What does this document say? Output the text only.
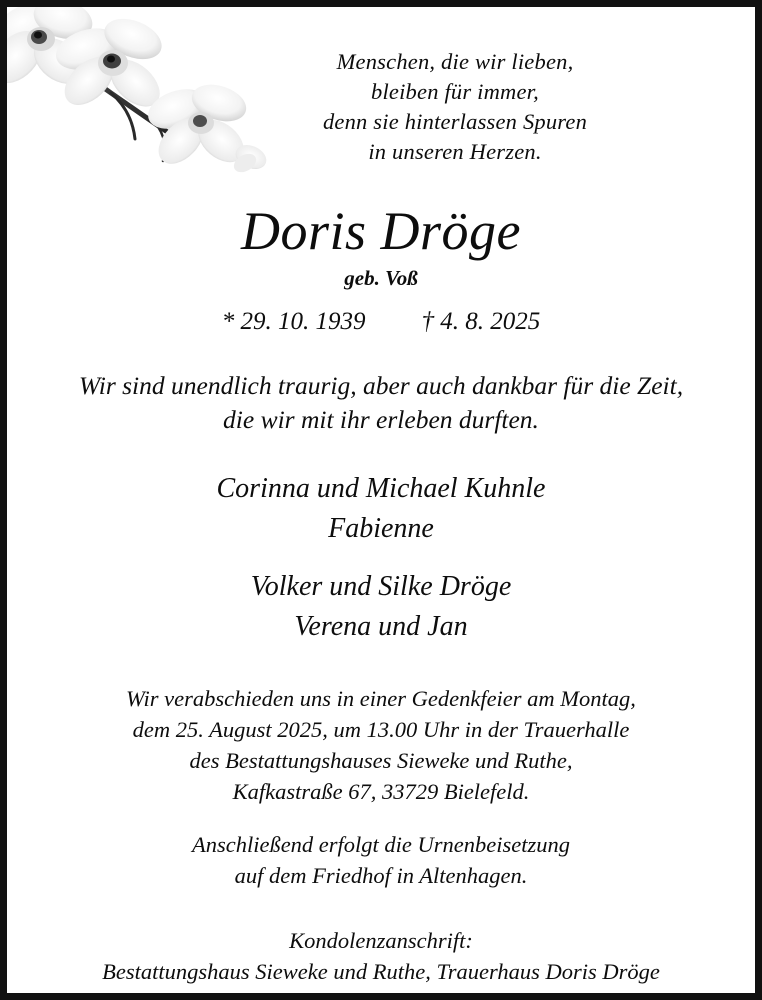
Menschen, die wir lieben,
bleiben für immer,
denn sie hinterlassen Spuren
in unseren Herzen.
Doris Dröge
geb. Voß
* 29. 10. 1939 † 4. 8. 2025
Wir sind unendlich traurig, aber auch dankbar für die Zeit,
die wir mit ihr erleben durften.
Corinna und Michael Kuhnle
Fabienne
Volker und Silke Dröge
Verena und Jan
Wir verabschieden uns in einer Gedenkfeier am Montag,
dem 25. August 2025, um 13.00 Uhr in der Trauerhalle
des Bestattungshauses Sieweke und Ruthe,
Kafkastraße 67, 33729 Bielefeld.
Anschließend erfolgt die Urnenbeisetzung
auf dem Friedhof in Altenhagen.
Kondolenzanschrift:
Bestattungshaus Sieweke und Ruthe, Trauerhaus Doris Dröge
